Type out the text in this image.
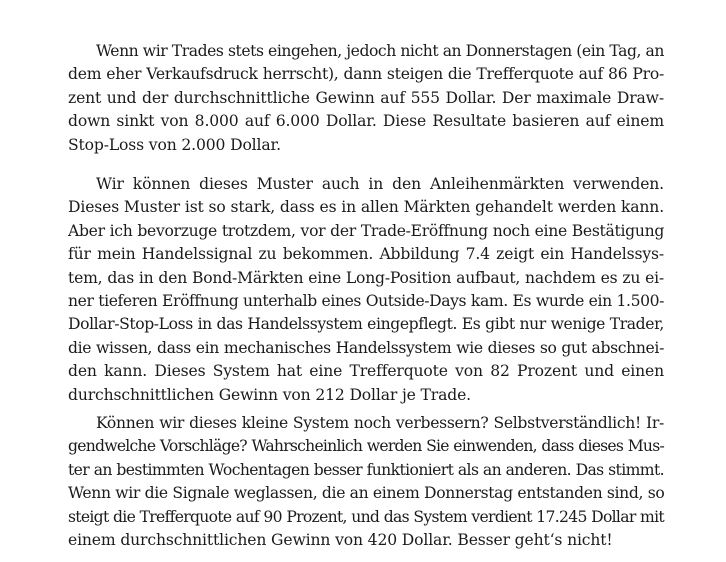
Wenn wir Trades stets eingehen, jedoch nicht an Donnerstagen (ein Tag, an
dem eher Verkaufsdruck herrscht), dann steigen die Trefferquote auf 86 Pro-
zent und der durchschnittliche Gewinn auf 555 Dollar. Der maximale Draw-
down sinkt von 8.000 auf 6.000 Dollar. Diese Resultate basieren auf einem
Stop-Loss von 2.000 Dollar.

Wir können dieses Muster auch in den Anleihenmärkten verwenden.
Dieses Muster ist so stark, dass es in allen Märkten gehandelt werden kann.
Aber ich bevorzuge trotzdem, vor der Trade-Eröffnung noch eine Bestätigung
für mein Handelssignal zu bekommen. Abbildung 7.4 zeigt ein Handelssys-
tem, das in den Bond-Märkten eine Long-Position aufbaut, nachdem es zu ei-
ner tieferen Eröffnung unterhalb eines Outside-Days kam. Es wurde ein 1.500-
Dollar-Stop-Loss in das Handelssystem eingepflegt. Es gibt nur wenige Trader,
die wissen, dass ein mechanisches Handelssystem wie dieses so gut abschnei-
den kann. Dieses System hat eine Trefferquote von 82 Prozent und einen
durchschnittlichen Gewinn von 212 Dollar je Trade.

Können wir dieses kleine System noch verbessern? Selbstverständlich! Ir-
gendwelche Vorschläge? Wahrscheinlich werden Sie einwenden, dass dieses Mus-
ter an bestimmten Wochentagen besser funktioniert als an anderen. Das stimmt.
Wenn wir die Signale weglassen, die an einem Donnerstag entstanden sind, so
steigt die Trefferquote auf 90 Prozent, und das System verdient 17.245 Dollar mit
einem durchschnittlichen Gewinn von 420 Dollar. Besser geht‘s nicht!
